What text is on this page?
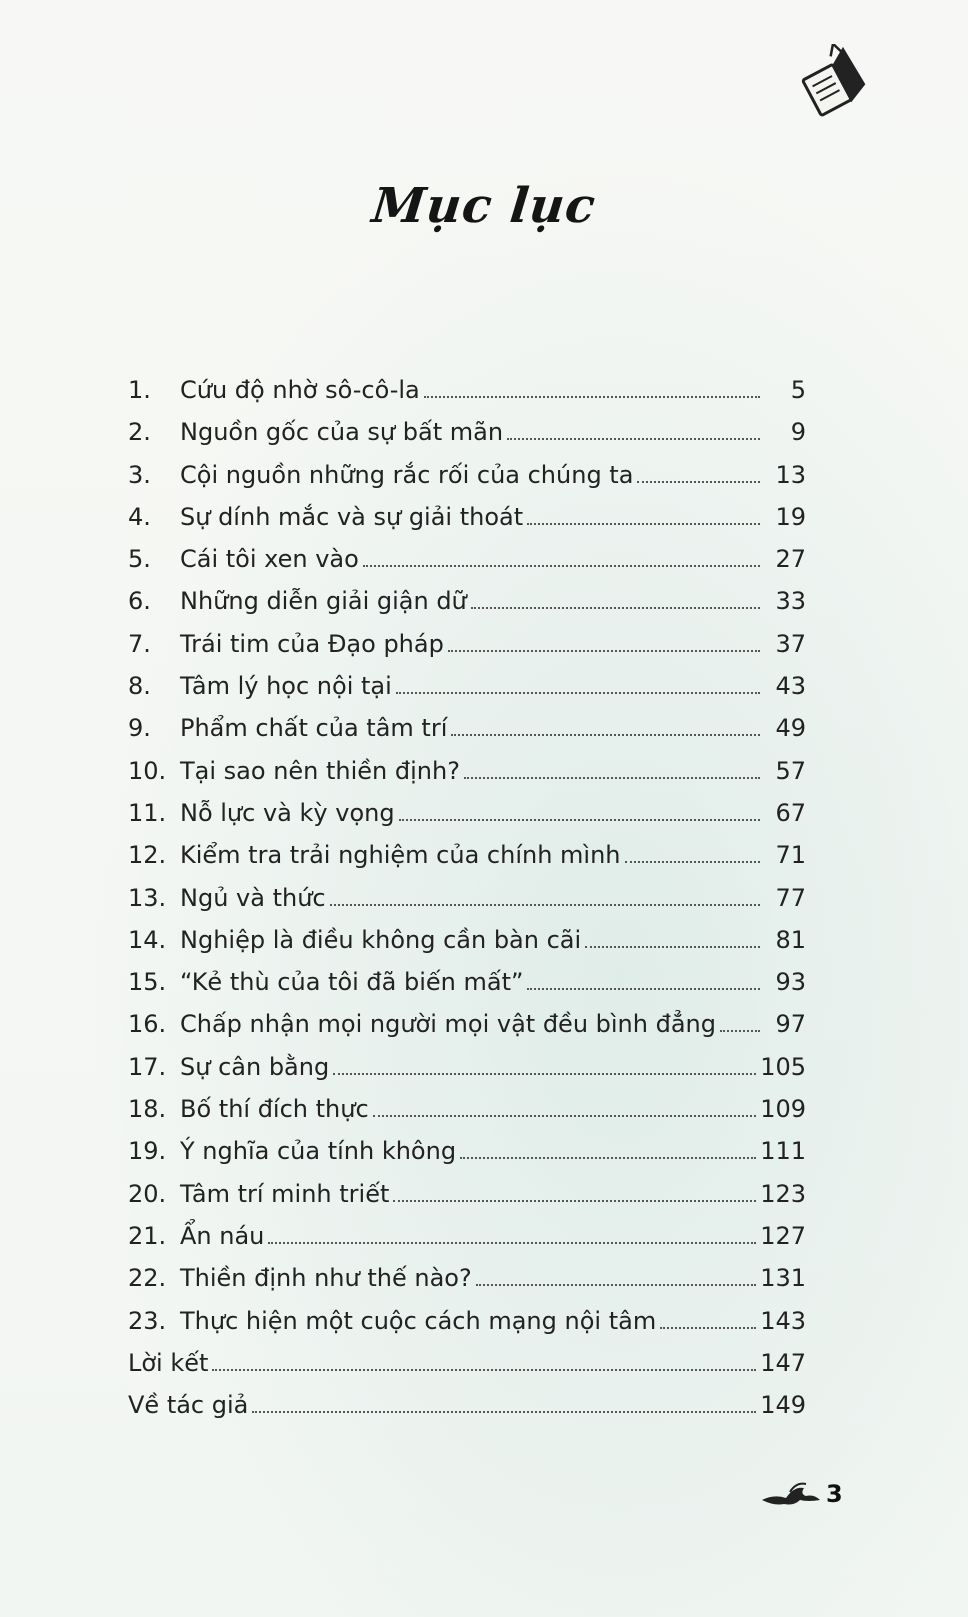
Mục lục
1.	Cứu độ nhờ sô-cô-la	5
2.	Nguồn gốc của sự bất mãn	9
3.	Cội nguồn những rắc rối của chúng ta	13
4.	Sự dính mắc và sự giải thoát	19
5.	Cái tôi xen vào	27
6.	Những diễn giải giận dữ	33
7.	Trái tim của Đạo pháp	37
8.	Tâm lý học nội tại	43
9.	Phẩm chất của tâm trí	49
10. Tại sao nên thiền định?	57
11. Nỗ lực và kỳ vọng	67
12. Kiểm tra trải nghiệm của chính mình	71
13. Ngủ và thức	77
14. Nghiệp là điều không cần bàn cãi	81
15. “Kẻ thù của tôi đã biến mất”	93
16. Chấp nhận mọi người mọi vật đều bình đẳng	97
17. Sự cân bằng	105
18. Bố thí đích thực	109
19. Ý nghĩa của tính không	111
20. Tâm trí minh triết	123
21. Ẩn náu	127
22. Thiền định như thế nào?	131
23. Thực hiện một cuộc cách mạng nội tâm	143
Lời kết	147
Về tác giả	149
3
